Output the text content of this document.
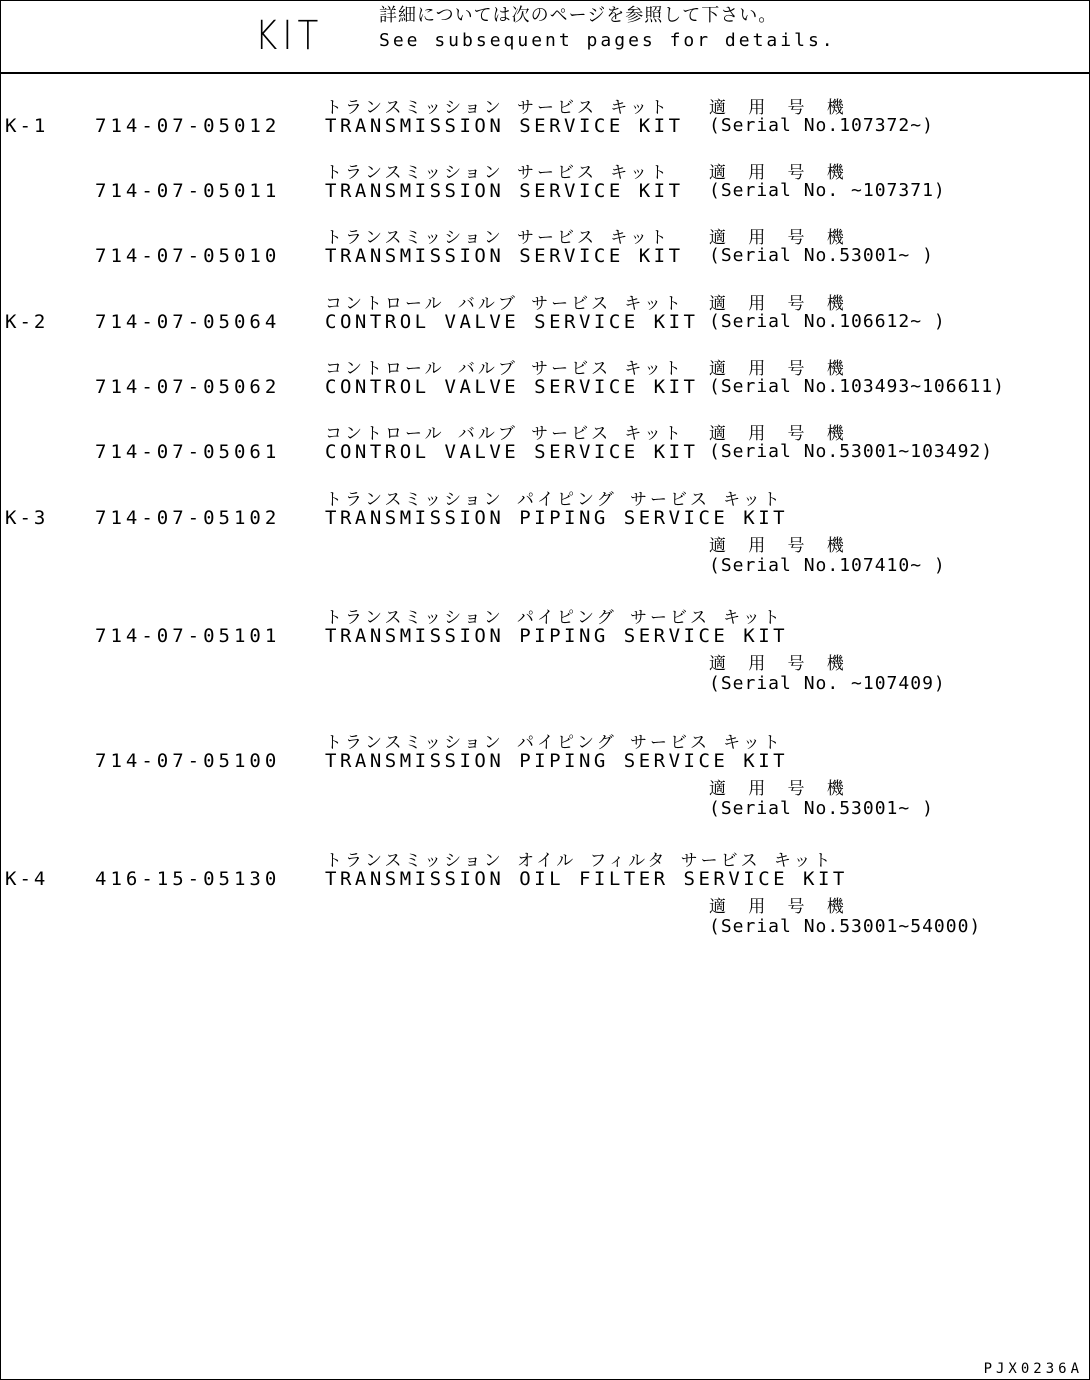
KIT	詳細については次のページを参照して下さい。
See subsequent pages for details.
K-1 714-07-05012
トランスミッション サービス キット
TRANSMISSION SERVICE KIT
適 用 号 機
(Serial No.107372~)
714-07-05011
トランスミッション サービス キット
TRANSMISSION SERVICE KIT
適 用 号 機
(Serial No. ~107371)
714-07-05010
トランスミッション サービス キット
TRANSMISSION SERVICE KIT
適 用 号 機
(Serial No.53001~ )
K-2 714-07-05064
コントロール バルブ サービス キット
CONTROL VALVE SERVICE KIT
適 用 号 機
(Serial No.106612~ )
714-07-05062
コントロール バルブ サービス キット
CONTROL VALVE SERVICE KIT
適 用 号 機
(Serial No.103493~106611)
714-07-05061
コントロール バルブ サービス キット
CONTROL VALVE SERVICE KIT
適 用 号 機
(Serial No.53001~103492)
K-3 714-07-05102
トランスミッション パイピング サービス キット
TRANSMISSION PIPING SERVICE KIT
適 用 号 機
(Serial No.107410~ )
714-07-05101
トランスミッション パイピング サービス キット
TRANSMISSION PIPING SERVICE KIT
適 用 号 機
(Serial No. ~107409)
714-07-05100
トランスミッション パイピング サービス キット
TRANSMISSION PIPING SERVICE KIT
適 用 号 機
(Serial No.53001~ )
K-4 416-15-05130
トランスミッション オイル フィルタ サービス キット
TRANSMISSION OIL FILTER SERVICE KIT
適 用 号 機
(Serial No.53001~54000)
PJX0236A
